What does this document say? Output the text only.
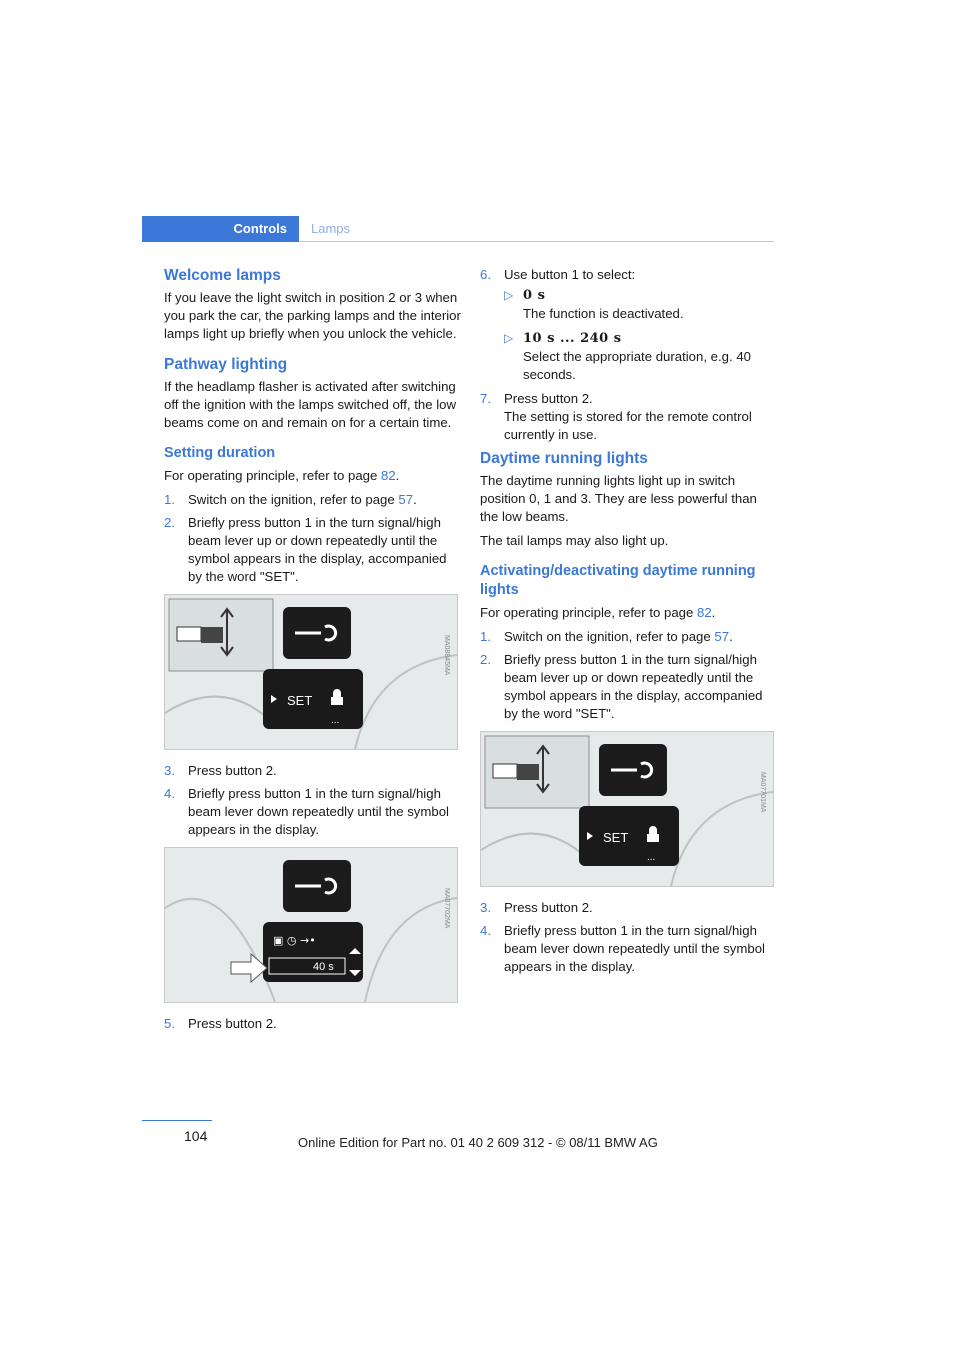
Controls	Lamps
Welcome lamps

If you leave the light switch in position 2 or 3 when you park the car, the parking lamps and the interior lamps light up briefly when you unlock the vehicle.

Pathway lighting

If the headlamp flasher is activated after switching off the ignition with the lamps switched off, the low beams come on and remain on for a certain time.

Setting duration

For operating principle, refer to page 82.

1. Switch on the ignition, refer to page 57.
2. Briefly press button 1 in the turn signal/high beam lever up or down repeatedly until the symbol appears in the display, accompanied by the word "SET".
SET
...
MA08845MA
3. Press button 2.
4. Briefly press button 1 in the turn signal/high beam lever down repeatedly until the symbol appears in the display.
▣ ◷ →•
40 s
MA07702MA
5. Press button 2.
6. Use button 1 to select:
▷ 0 s
The function is deactivated.
▷ 10 s ... 240 s
Select the appropriate duration, e.g. 40 seconds.
7. Press button 2.
The setting is stored for the remote control currently in use.
Daytime running lights

The daytime running lights light up in switch position 0, 1 and 3. They are less powerful than the low beams.

The tail lamps may also light up.

Activating/deactivating daytime running lights

For operating principle, refer to page 82.

1. Switch on the ignition, refer to page 57.
2. Briefly press button 1 in the turn signal/high beam lever up or down repeatedly until the symbol appears in the display, accompanied by the word "SET".
SET
...
MA07701MA
3. Press button 2.
4. Briefly press button 1 in the turn signal/high beam lever down repeatedly until the symbol appears in the display.
104	Online Edition for Part no. 01 40 2 609 312 - © 08/11 BMW AG
